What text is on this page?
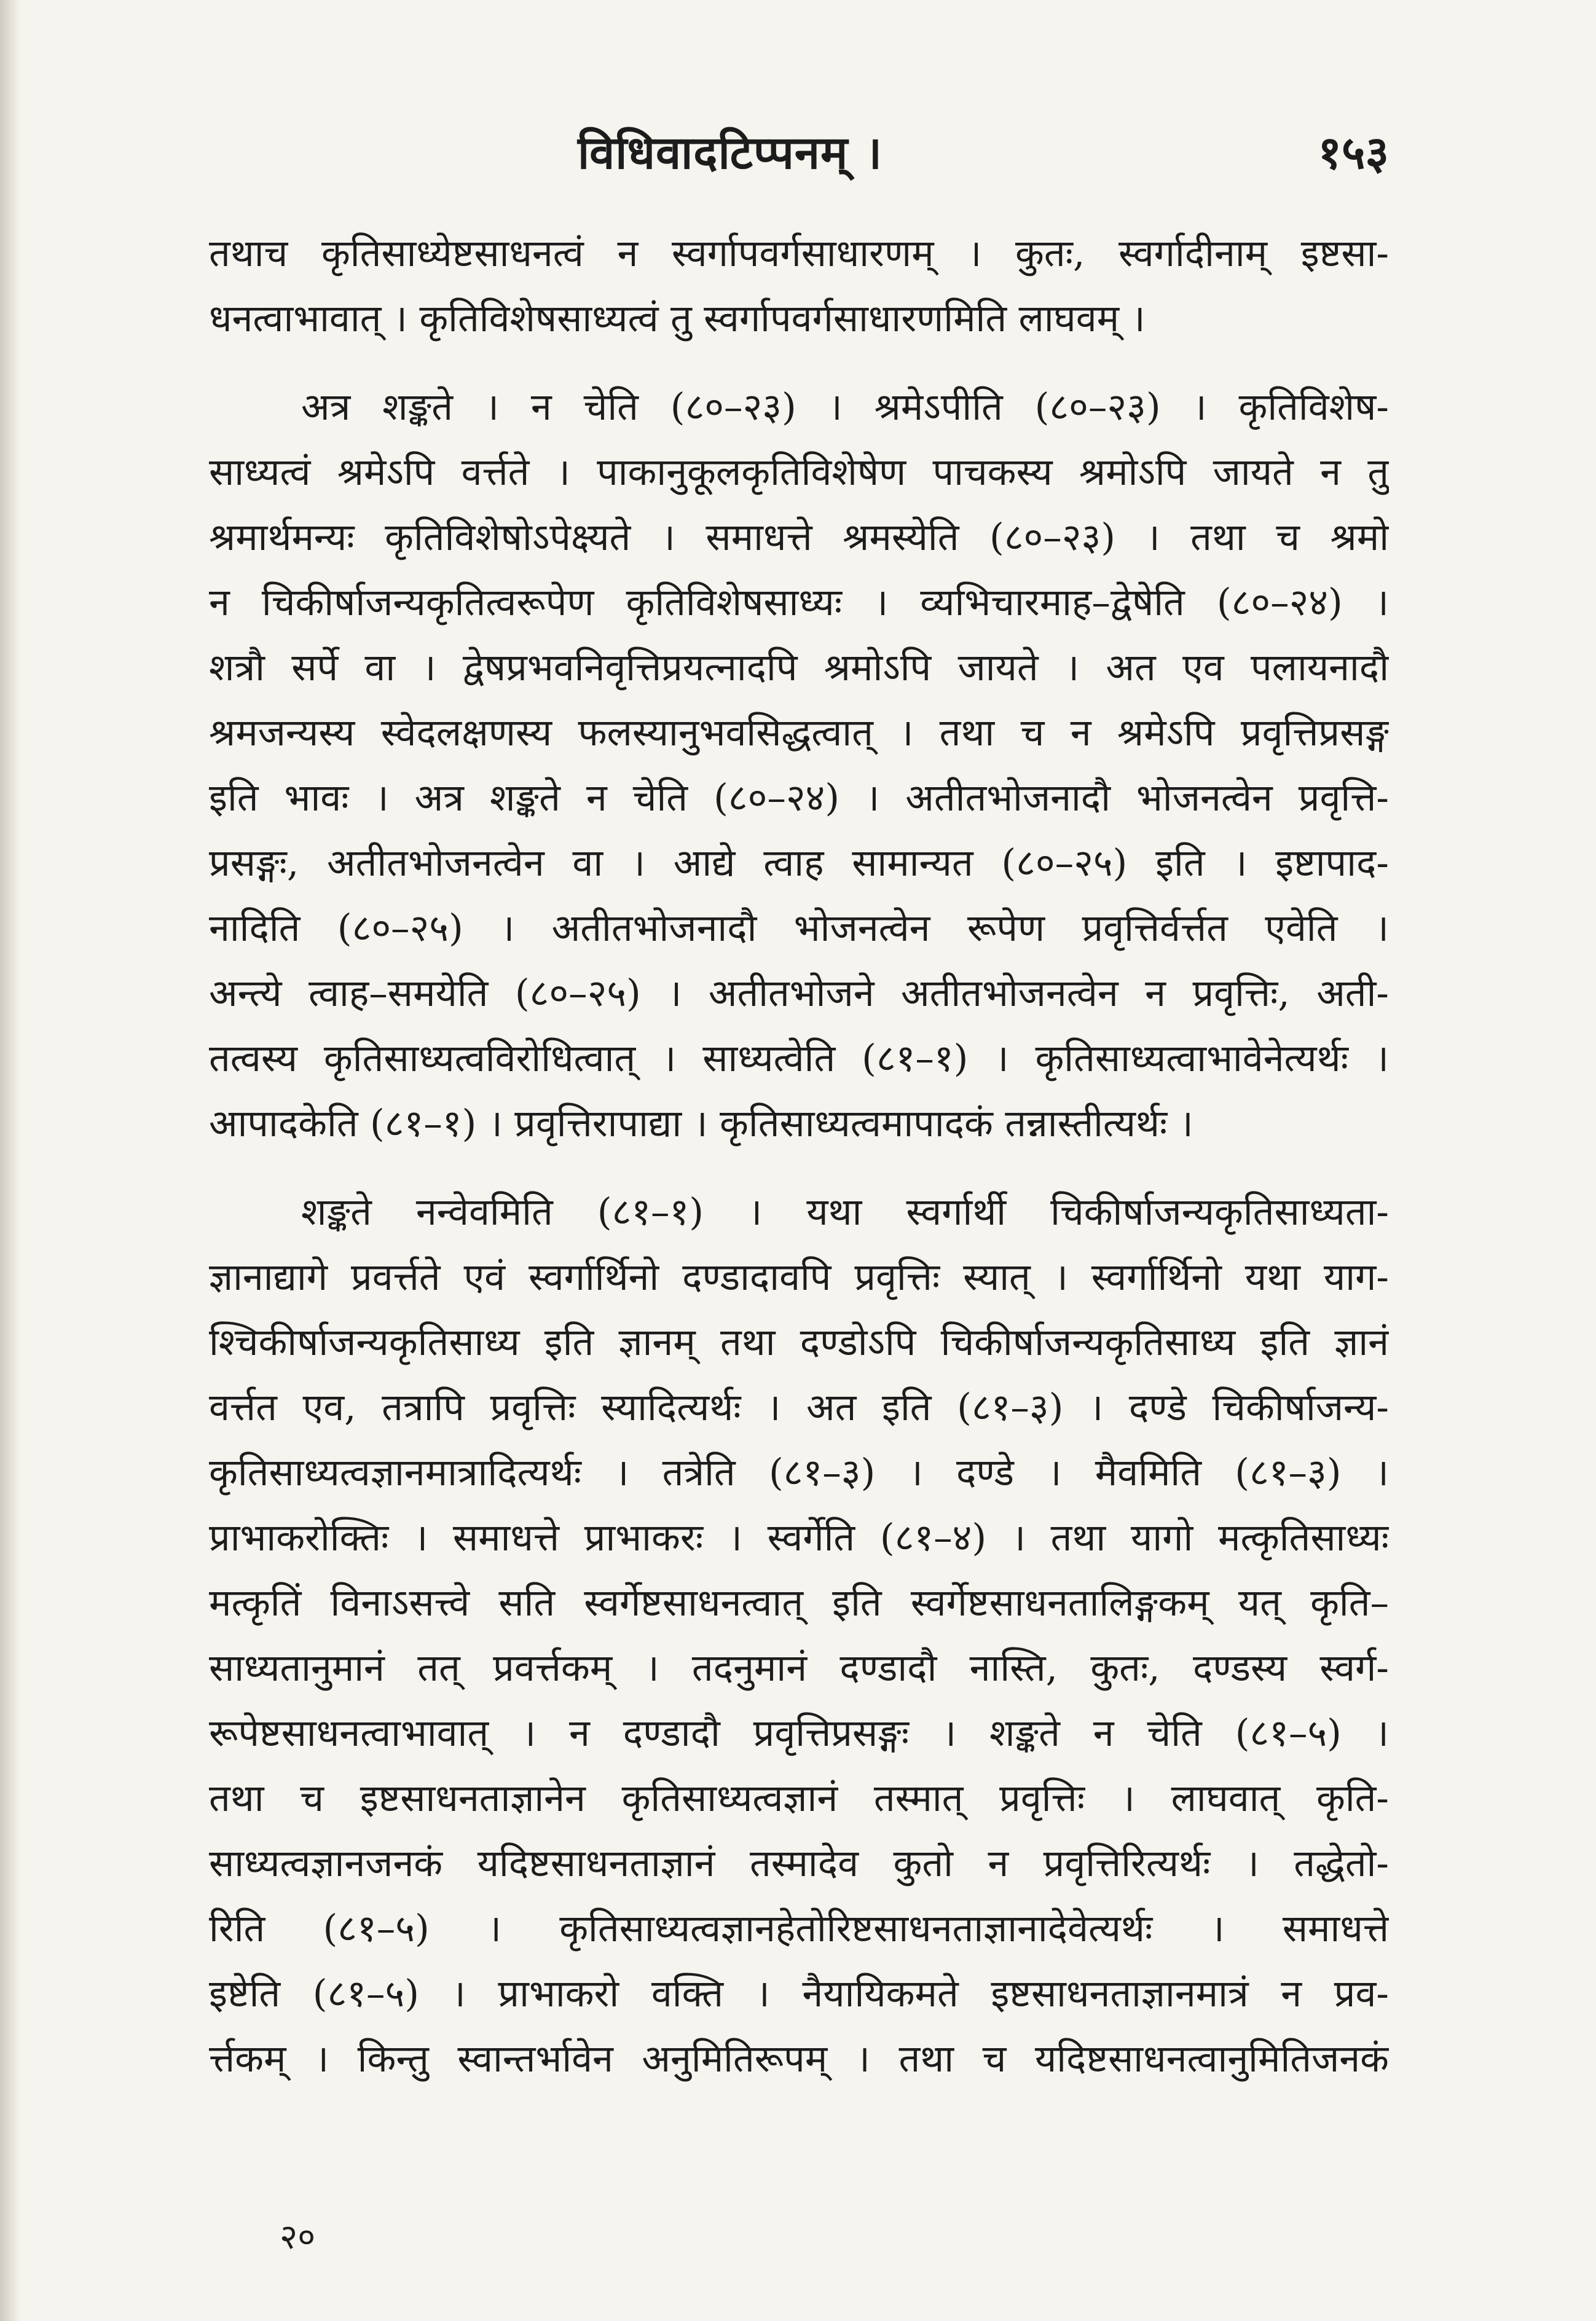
विधिवादटिप्पनम् ।	१५३

तथाच कृतिसाध्येष्टसाधनत्वं न स्वर्गापवर्गसाधारणम् । कुतः, स्वर्गादीनाम् इष्टसा-
धनत्वाभावात् । कृतिविशेषसाध्यत्वं तु स्वर्गापवर्गसाधारणमिति लाघवम् ।

अत्र शङ्कते । न चेति (८०–२३) । श्रमेऽपीति (८०–२३) । कृतिविशेष-
साध्यत्वं श्रमेऽपि वर्त्तते । पाकानुकूलकृतिविशेषेण पाचकस्य श्रमोऽपि जायते न तु
श्रमार्थमन्यः कृतिविशेषोऽपेक्ष्यते । समाधत्ते श्रमस्येति (८०–२३) । तथा च श्रमो
न चिकीर्षाजन्यकृतित्वरूपेण कृतिविशेषसाध्यः । व्यभिचारमाह–द्वेषेति (८०–२४) ।
शत्रौ सर्पे वा । द्वेषप्रभवनिवृत्तिप्रयत्नादपि श्रमोऽपि जायते । अत एव पलायनादौ
श्रमजन्यस्य स्वेदलक्षणस्य फलस्यानुभवसिद्धत्वात् । तथा च न श्रमेऽपि प्रवृत्तिप्रसङ्ग
इति भावः । अत्र शङ्कते न चेति (८०–२४) । अतीतभोजनादौ भोजनत्वेन प्रवृत्ति-
प्रसङ्गः, अतीतभोजनत्वेन वा । आद्ये त्वाह सामान्यत (८०–२५) इति । इष्टापाद-
नादिति (८०–२५) । अतीतभोजनादौ भोजनत्वेन रूपेण प्रवृत्तिर्वर्त्तत एवेति ।
अन्त्ये त्वाह–समयेति (८०–२५) । अतीतभोजने अतीतभोजनत्वेन न प्रवृत्तिः, अती-
तत्वस्य कृतिसाध्यत्वविरोधित्वात् । साध्यत्वेति (८१–१) । कृतिसाध्यत्वाभावेनेत्यर्थः ।
आपादकेति (८१–१) । प्रवृत्तिरापाद्या । कृतिसाध्यत्वमापादकं तन्नास्तीत्यर्थः ।

शङ्कते नन्वेवमिति (८१–१) । यथा स्वर्गार्थी चिकीर्षाजन्यकृतिसाध्यता-
ज्ञानाद्यागे प्रवर्त्तते एवं स्वर्गार्थिनो दण्डादावपि प्रवृत्तिः स्यात् । स्वर्गार्थिनो यथा याग-
श्चिकीर्षाजन्यकृतिसाध्य इति ज्ञानम् तथा दण्डोऽपि चिकीर्षाजन्यकृतिसाध्य इति ज्ञानं
वर्त्तत एव, तत्रापि प्रवृत्तिः स्यादित्यर्थः । अत इति (८१–३) । दण्डे चिकीर्षाजन्य-
कृतिसाध्यत्वज्ञानमात्रादित्यर्थः । तत्रेति (८१–३) । दण्डे । मैवमिति (८१–३) ।
प्राभाकरोक्तिः । समाधत्ते प्राभाकरः । स्वर्गेति (८१–४) । तथा यागो मत्कृतिसाध्यः
मत्कृतिं विनाऽसत्त्वे सति स्वर्गेष्टसाधनत्वात् इति स्वर्गेष्टसाधनतालिङ्गकम् यत् कृति–
साध्यतानुमानं तत् प्रवर्त्तकम् । तदनुमानं दण्डादौ नास्ति, कुतः, दण्डस्य स्वर्ग-
रूपेष्टसाधनत्वाभावात् । न दण्डादौ प्रवृत्तिप्रसङ्गः । शङ्कते न चेति (८१–५) ।
तथा च इष्टसाधनताज्ञानेन कृतिसाध्यत्वज्ञानं तस्मात् प्रवृत्तिः । लाघवात् कृति-
साध्यत्वज्ञानजनकं यदिष्टसाधनताज्ञानं तस्मादेव कुतो न प्रवृत्तिरित्यर्थः । तद्धेतो-
रिति (८१–५) । कृतिसाध्यत्वज्ञानहेतोरिष्टसाधनताज्ञानादेवेत्यर्थः । समाधत्ते
इष्टेति (८१–५) । प्राभाकरो वक्ति । नैयायिकमते इष्टसाधनताज्ञानमात्रं न प्रव-
र्त्तकम् । किन्तु स्वान्तर्भावेन अनुमितिरूपम् । तथा च यदिष्टसाधनत्वानुमितिजनकं

२०
